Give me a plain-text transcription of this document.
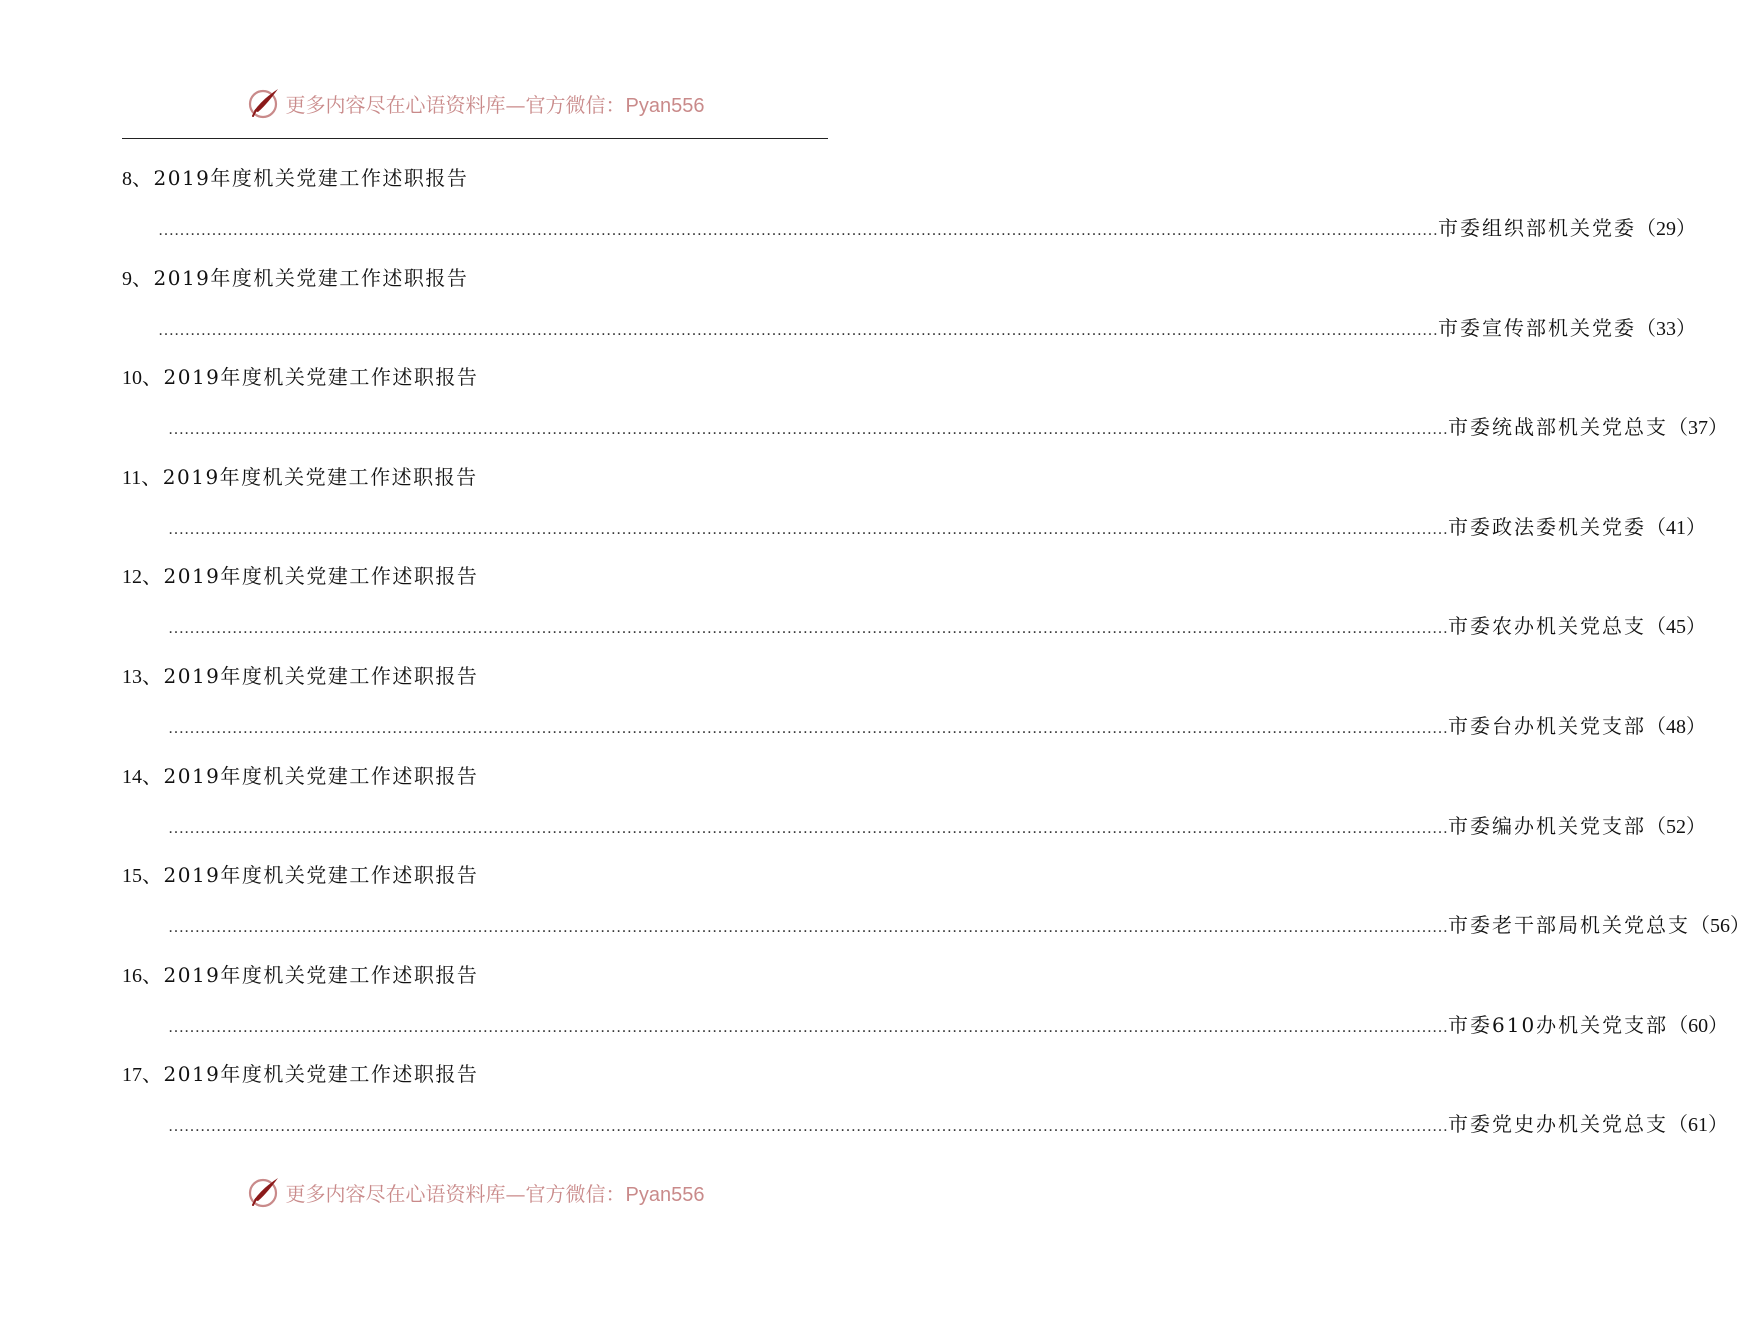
更多内容尽在心语资料库—官方微信：Pyan556
8、2019年度机关党建工作述职报告
…………………………………………………………………………………………………………………………………………………………………………………………………………………… 市委组织部机关党委 （29）
9、2019年度机关党建工作述职报告
…………………………………………………………………………………………………………………………………………………………………………………………………………………… 市委宣传部机关党委 （33）
10、2019年度机关党建工作述职报告
…………………………………………………………………………………………………………………………………………………………………………………………………………………… 市委统战部机关党总支 （37）
11、2019年度机关党建工作述职报告
…………………………………………………………………………………………………………………………………………………………………………………………………………………… 市委政法委机关党委 （41）
12、2019年度机关党建工作述职报告
…………………………………………………………………………………………………………………………………………………………………………………………………………………… 市委农办机关党总支 （45）
13、2019年度机关党建工作述职报告
…………………………………………………………………………………………………………………………………………………………………………………………………………………… 市委台办机关党支部 （48）
14、2019年度机关党建工作述职报告
…………………………………………………………………………………………………………………………………………………………………………………………………………………… 市委编办机关党支部 （52）
15、2019年度机关党建工作述职报告
…………………………………………………………………………………………………………………………………………………………………………………………………………………… 市委老干部局机关党总支 （56）
16、2019年度机关党建工作述职报告
…………………………………………………………………………………………………………………………………………………………………………………………………………………… 市委610办机关党支部 （60）
17、2019年度机关党建工作述职报告
…………………………………………………………………………………………………………………………………………………………………………………………………………………… 市委党史办机关党总支 （61）
更多内容尽在心语资料库—官方微信：Pyan556
